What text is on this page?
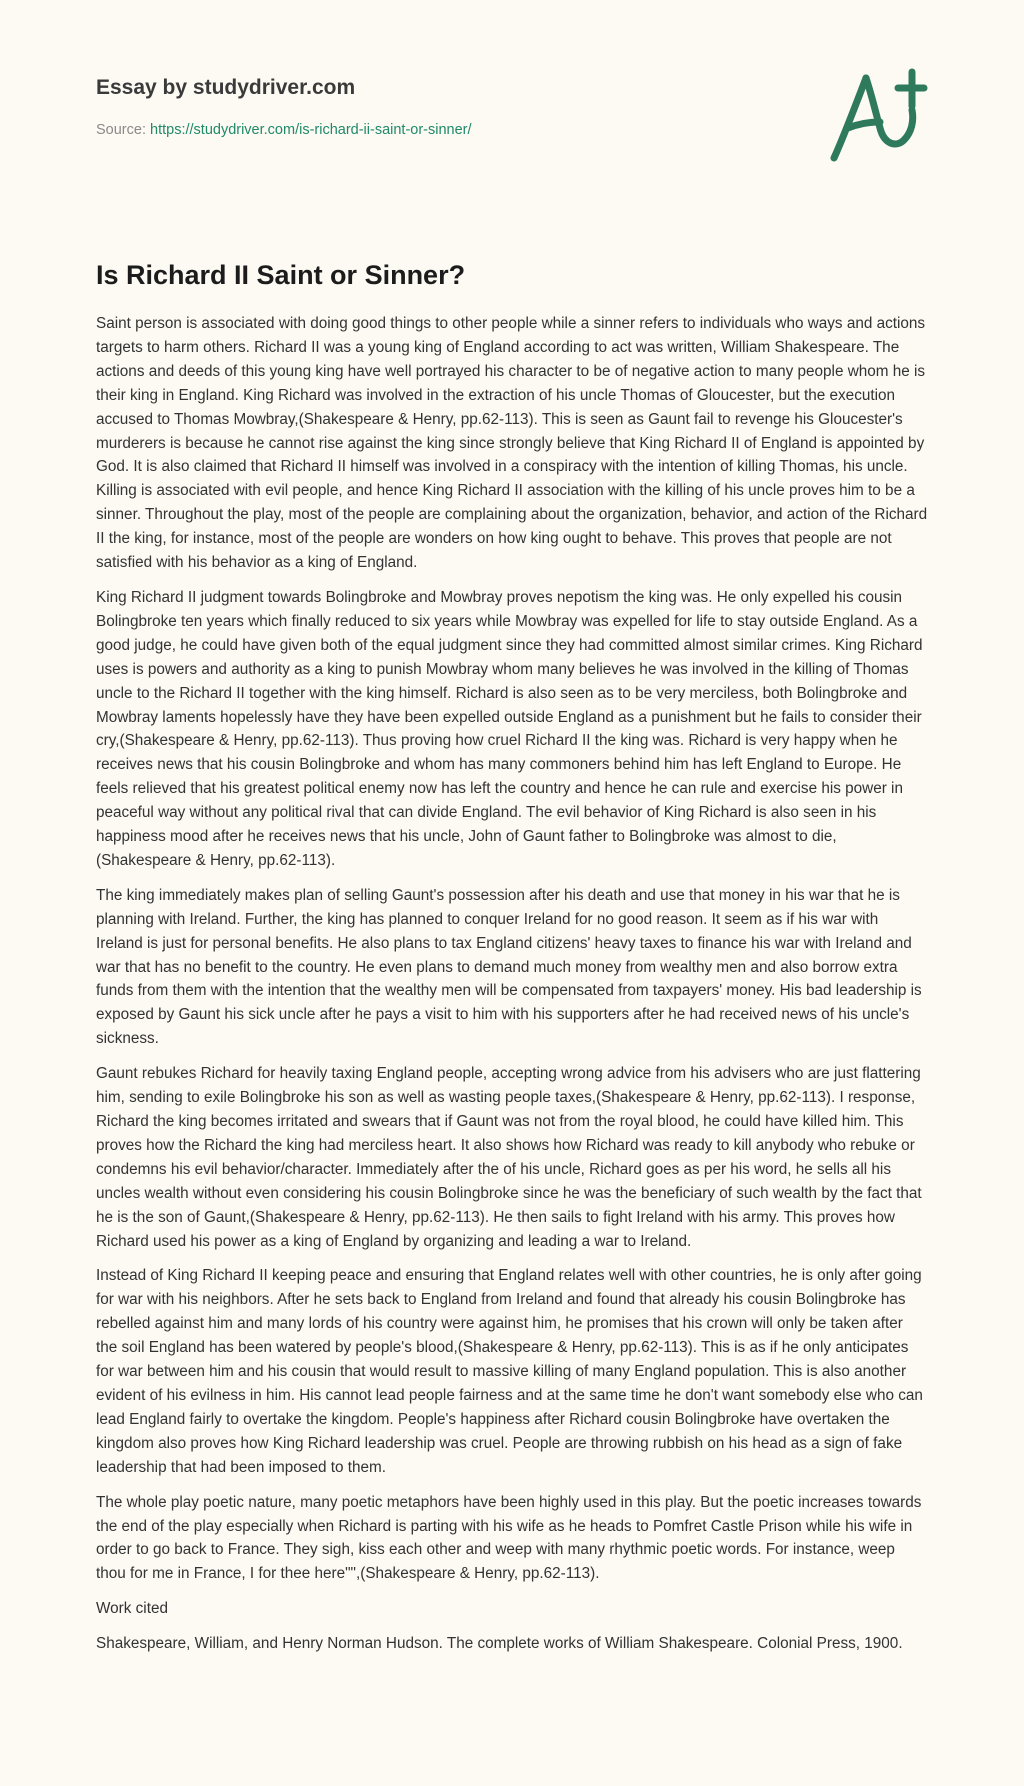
Essay by studydriver.com
Source: https://studydriver.com/is-richard-ii-saint-or-sinner/
Is Richard II Saint or Sinner?

Saint person is associated with doing good things to other people while a sinner refers to individuals who ways and actions targets to harm others. Richard II was a young king of England according to act was written, William Shakespeare. The actions and deeds of this young king have well portrayed his character to be of negative action to many people whom he is their king in England. King Richard was involved in the extraction of his uncle Thomas of Gloucester, but the execution accused to Thomas Mowbray,(Shakespeare & Henry, pp.62-113). This is seen as Gaunt fail to revenge his Gloucester's murderers is because he cannot rise against the king since strongly believe that King Richard II of England is appointed by God. It is also claimed that Richard II himself was involved in a conspiracy with the intention of killing Thomas, his uncle. Killing is associated with evil people, and hence King Richard II association with the killing of his uncle proves him to be a sinner. Throughout the play, most of the people are complaining about the organization, behavior, and action of the Richard II the king, for instance, most of the people are wonders on how king ought to behave. This proves that people are not satisfied with his behavior as a king of England.

King Richard II judgment towards Bolingbroke and Mowbray proves nepotism the king was. He only expelled his cousin Bolingbroke ten years which finally reduced to six years while Mowbray was expelled for life to stay outside England. As a good judge, he could have given both of the equal judgment since they had committed almost similar crimes. King Richard uses is powers and authority as a king to punish Mowbray whom many believes he was involved in the killing of Thomas uncle to the Richard II together with the king himself. Richard is also seen as to be very merciless, both Bolingbroke and Mowbray laments hopelessly have they have been expelled outside England as a punishment but he fails to consider their cry,(Shakespeare & Henry, pp.62-113). Thus proving how cruel Richard II the king was. Richard is very happy when he receives news that his cousin Bolingbroke and whom has many commoners behind him has left England to Europe. He feels relieved that his greatest political enemy now has left the country and hence he can rule and exercise his power in peaceful way without any political rival that can divide England. The evil behavior of King Richard is also seen in his happiness mood after he receives news that his uncle, John of Gaunt father to Bolingbroke was almost to die,(Shakespeare & Henry, pp.62-113).

The king immediately makes plan of selling Gaunt's possession after his death and use that money in his war that he is planning with Ireland. Further, the king has planned to conquer Ireland for no good reason. It seem as if his war with Ireland is just for personal benefits. He also plans to tax England citizens' heavy taxes to finance his war with Ireland and war that has no benefit to the country. He even plans to demand much money from wealthy men and also borrow extra funds from them with the intention that the wealthy men will be compensated from taxpayers' money. His bad leadership is exposed by Gaunt his sick uncle after he pays a visit to him with his supporters after he had received news of his uncle's sickness.

Gaunt rebukes Richard for heavily taxing England people, accepting wrong advice from his advisers who are just flattering him, sending to exile Bolingbroke his son as well as wasting people taxes,(Shakespeare & Henry, pp.62-113). I response, Richard the king becomes irritated and swears that if Gaunt was not from the royal blood, he could have killed him. This proves how the Richard the king had merciless heart. It also shows how Richard was ready to kill anybody who rebuke or condemns his evil behavior/character. Immediately after the of his uncle, Richard goes as per his word, he sells all his uncles wealth without even considering his cousin Bolingbroke since he was the beneficiary of such wealth by the fact that he is the son of Gaunt,(Shakespeare & Henry, pp.62-113). He then sails to fight Ireland with his army. This proves how Richard used his power as a king of England by organizing and leading a war to Ireland.

Instead of King Richard II keeping peace and ensuring that England relates well with other countries, he is only after going for war with his neighbors. After he sets back to England from Ireland and found that already his cousin Bolingbroke has rebelled against him and many lords of his country were against him, he promises that his crown will only be taken after the soil England has been watered by people's blood,(Shakespeare & Henry, pp.62-113). This is as if he only anticipates for war between him and his cousin that would result to massive killing of many England population. This is also another evident of his evilness in him. His cannot lead people fairness and at the same time he don't want somebody else who can lead England fairly to overtake the kingdom. People's happiness after Richard cousin Bolingbroke have overtaken the kingdom also proves how King Richard leadership was cruel. People are throwing rubbish on his head as a sign of fake leadership that had been imposed to them.

The whole play poetic nature, many poetic metaphors have been highly used in this play. But the poetic increases towards the end of the play especially when Richard is parting with his wife as he heads to Pomfret Castle Prison while his wife in order to go back to France. They sigh, kiss each other and weep with many rhythmic poetic words. For instance, weep thou for me in France, I for thee here"",(Shakespeare & Henry, pp.62-113).

Work cited

Shakespeare, William, and Henry Norman Hudson. The complete works of William Shakespeare. Colonial Press, 1900.
